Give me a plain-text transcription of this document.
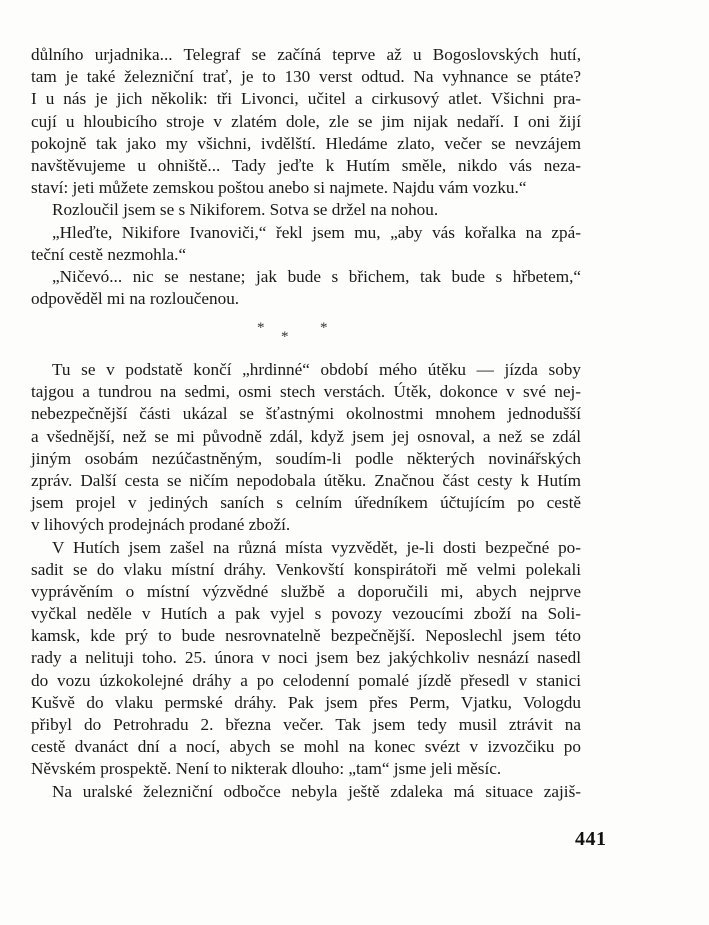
důlního urjadnika... Telegraf se začíná teprve až u Bogoslovských hutí,
tam je také železniční trať, je to 130 verst odtud. Na vyhnance se ptáte?
I u nás je jich několik: tři Livonci, učitel a cirkusový atlet. Všichni pra-
cují u hloubicího stroje v zlatém dole, zle se jim nijak nedaří. I oni žijí
pokojně tak jako my všichni, ivdělští. Hledáme zlato, večer se nevzájem
navštěvujeme u ohniště... Tady jeďte k Hutím směle, nikdo vás neza-
staví: jeti můžete zemskou poštou anebo si najmete. Najdu vám vozku.“
Rozloučil jsem se s Nikiforem. Sotva se držel na nohou.
„Hleďte, Nikifore Ivanoviči,“ řekl jsem mu, „aby vás kořalka na zpá-
teční cestě nezmohla.“
„Ničevó... nic se nestane; jak bude s břichem, tak bude s hřbetem,“
odpověděl mi na rozloučenou.
*
*
*
Tu se v podstatě končí „hrdinné“ období mého útěku — jízda soby
tajgou a tundrou na sedmi, osmi stech verstách. Útěk, dokonce v své nej-
nebezpečnější části ukázal se šťastnými okolnostmi mnohem jednodušší
a všednější, než se mi původně zdál, když jsem jej osnoval, a než se zdál
jiným osobám nezúčastněným, soudím-li podle některých novinářských
zpráv. Další cesta se ničím nepodobala útěku. Značnou část cesty k Hutím
jsem projel v jediných saních s celním úředníkem účtujícím po cestě
v lihových prodejnách prodané zboží.
V Hutích jsem zašel na různá místa vyzvědět, je-li dosti bezpečné po-
sadit se do vlaku místní dráhy. Venkovští konspirátoři mě velmi polekali
vyprávěním o místní výzvědné službě a doporučili mi, abych nejprve
vyčkal neděle v Hutích a pak vyjel s povozy vezoucími zboží na Soli-
kamsk, kde prý to bude nesrovnatelně bezpečnější. Neposlechl jsem této
rady a nelituji toho. 25. února v noci jsem bez jakýchkoliv nesnází nasedl
do vozu úzkokolejné dráhy a po celodenní pomalé jízdě přesedl v stanici
Kušvě do vlaku permské dráhy. Pak jsem přes Perm, Vjatku, Vologdu
přibyl do Petrohradu 2. března večer. Tak jsem tedy musil ztrávit na
cestě dvanáct dní a nocí, abych se mohl na konec svézt v izvozčiku po
Něvském prospektě. Není to nikterak dlouho: „tam“ jsme jeli měsíc.
Na uralské železniční odbočce nebyla ještě zdaleka má situace zajiš-
441
